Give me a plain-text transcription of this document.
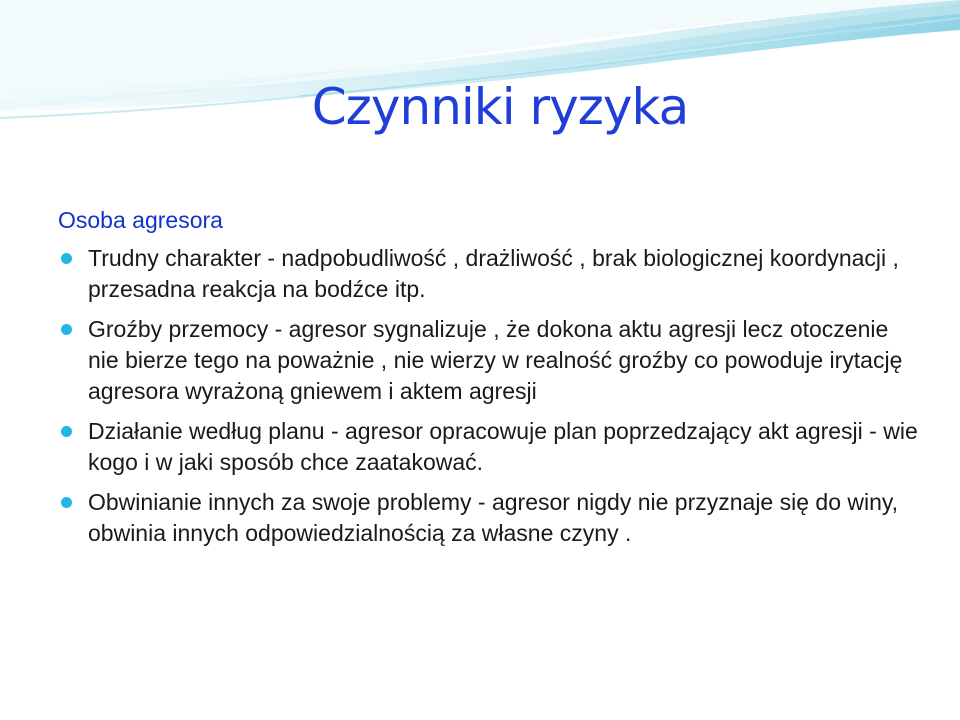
Czynniki ryzyka
Osoba agresora
Trudny charakter - nadpobudliwość , drażliwość , brak biologicznej koordynacji , przesadna reakcja na bodźce itp.
Groźby przemocy - agresor sygnalizuje , że dokona aktu agresji lecz otoczenie nie bierze tego na poważnie , nie wierzy w realność groźby co powoduje irytację agresora wyrażoną gniewem i aktem agresji
Działanie według planu - agresor opracowuje plan poprzedzający akt agresji - wie kogo i w jaki sposób chce zaatakować.
Obwinianie innych za swoje problemy - agresor nigdy nie przyznaje się do winy, obwinia innych odpowiedzialnością za własne czyny .
